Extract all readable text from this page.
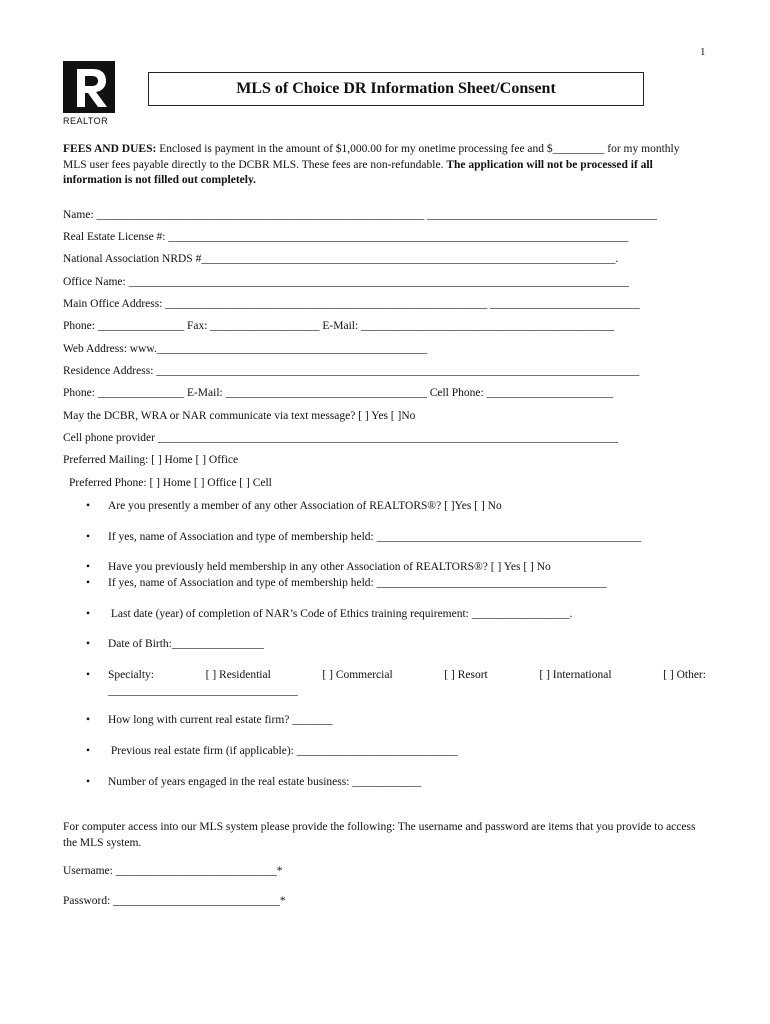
1
REALTOR
MLS of Choice DR Information Sheet/Consent
FEES AND DUES: Enclosed is payment in the amount of $1,000.00 for my onetime processing fee and $_________ for my monthly MLS user fees payable directly to the DCBR MLS. These fees are non-refundable. The application will not be processed if all information is not filled out completely.
Name: _________________________________________________________ ________________________________________
Real Estate License #: ________________________________________________________________________________
National Association NRDS #________________________________________________________________________.
Office Name: _______________________________________________________________________________________
Main Office Address: ________________________________________________________ __________________________
Phone: _______________ Fax: ___________________ E-Mail: ____________________________________________
Web Address: www._______________________________________________
Residence Address: ____________________________________________________________________________________
Phone: _______________ E-Mail: ___________________________________ Cell Phone: ______________________
May the DCBR, WRA or NAR communicate via text message? [ ] Yes [ ]No
Cell phone provider ________________________________________________________________________________
Preferred Mailing: [ ] Home [ ] Office
Preferred Phone: [ ] Home [ ] Office [ ] Cell
• Are you presently a member of any other Association of REALTORS®? [ ]Yes [ ] No
• If yes, name of Association and type of membership held: ______________________________________________
• Have you previously held membership in any other Association of REALTORS®? [ ] Yes [ ] No
• If yes, name of Association and type of membership held: ________________________________________
• Last date (year) of completion of NAR’s Code of Ethics training requirement: _________________.
• Date of Birth:________________
•	Specialty:	[ ] Residential	[ ] Commercial	[ ] Resort	[ ] International	[ ] Other:
_________________________________
• How long with current real estate firm? _______
• Previous real estate firm (if applicable): ____________________________
• Number of years engaged in the real estate business: ____________
For computer access into our MLS system please provide the following: The username and password are items that you provide to access the MLS system.
Username: ____________________________*
Password: _____________________________*
